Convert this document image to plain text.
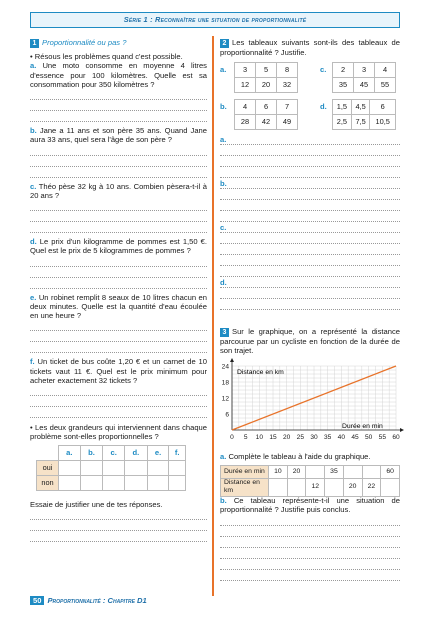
Série 1 : Reconnaître une situation de proportionnalité

1 Proportionnalité ou pas ?

• Résous les problèmes quand c'est possible.

a. Une moto consomme en moyenne 4 litres d'essence pour 100 kilomètres. Quelle est sa consommation pour 350 kilomètres ?

b. Jane a 11 ans et son père 35 ans. Quand Jane aura 33 ans, quel sera l'âge de son père ?

c. Théo pèse 32 kg à 10 ans. Combien pèsera-t-il à 20 ans ?

d. Le prix d'un kilogramme de pommes est 1,50 €. Quel est le prix de 5 kilogrammes de pommes ?

e. Un robinet remplit 8 seaux de 10 litres chacun en deux minutes. Quelle est la quantité d'eau écoulée en une heure ?

f. Un ticket de bus coûte 1,20 € et un carnet de 10 tickets vaut 11 €. Quel est le prix minimum pour acheter exactement 32 tickets ?

• Les deux grandeurs qui interviennent dans chaque problème sont-elles proportionnelles ?

	a.	b.	c.	d.	e.	f.
oui						
non						

Essaie de justifier une de tes réponses.

2 Les tableaux suivants sont-ils des tableaux de proportionnalité ? Justifie.

a. 3	5	8
12	20	32
c. 2	3	4
35	45	55
b. 4	6	7
28	42	49
d. 1,5	4,5	6
2,5	7,5	10,5
a.
b.
c.
d.

3 Sur le graphique, on a représenté la distance parcourue par un cycliste en fonction de la durée de son trajet.

0 5 10 15 20 25 30 35 40 45 50 55 60
6
12
18
24
Distance en km
Durée en min

a. Complète le tableau à l'aide du graphique.

Durée en min	10	20		35			60
Distance en km			12		20	22	

b. Ce tableau représente-t-il une situation de proportionnalité ? Justifie puis conclus.

50 Proportionnalité : Chapitre D1
